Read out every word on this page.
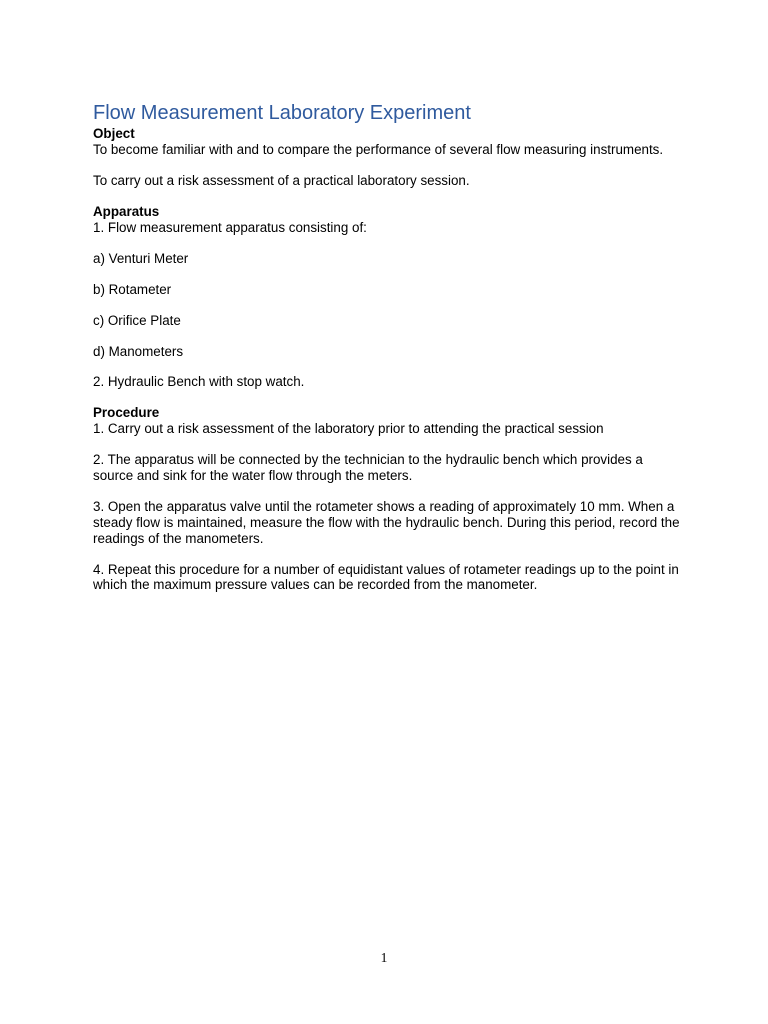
Flow Measurement Laboratory Experiment

Object

To become familiar with and to compare the performance of several flow measuring instruments.

To carry out a risk assessment of a practical laboratory session.

Apparatus

1. Flow measurement apparatus consisting of:

a) Venturi Meter

b) Rotameter

c) Orifice Plate

d) Manometers

2. Hydraulic Bench with stop watch.

Procedure

1. Carry out a risk assessment of the laboratory prior to attending the practical session

2. The apparatus will be connected by the technician to the hydraulic bench which provides a source and sink for the water flow through the meters.

3. Open the apparatus valve until the rotameter shows a reading of approximately 10 mm. When a steady flow is maintained, measure the flow with the hydraulic bench. During this period, record the readings of the manometers.

4. Repeat this procedure for a number of equidistant values of rotameter readings up to the point in which the maximum pressure values can be recorded from the manometer.

1
